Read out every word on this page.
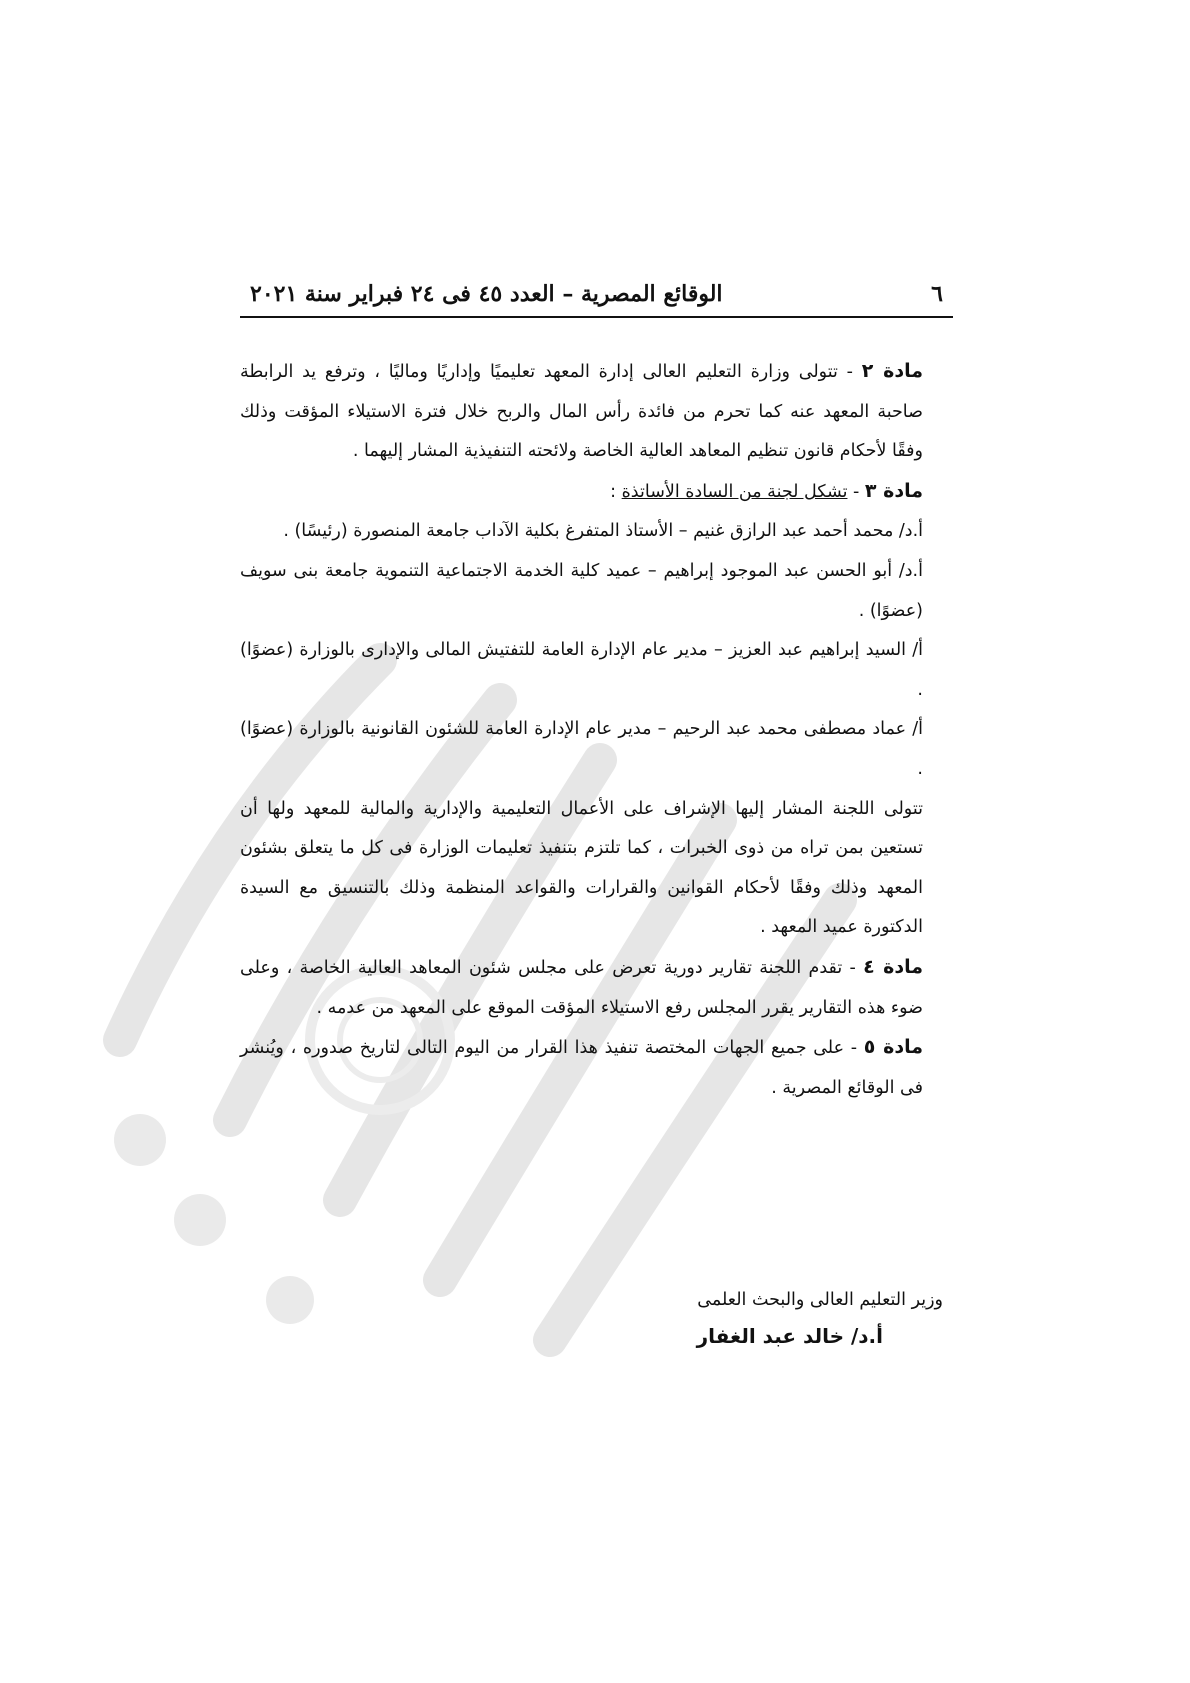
٦
الوقائع المصرية – العدد ٤٥ فى ٢٤ فبراير سنة ٢٠٢١

مادة ٢ - تتولى وزارة التعليم العالى إدارة المعهد تعليميًا وإداريًا وماليًا ، وترفع يد الرابطة صاحبة المعهد عنه كما تحرم من فائدة رأس المال والربح خلال فترة الاستيلاء المؤقت وذلك وفقًا لأحكام قانون تنظيم المعاهد العالية الخاصة ولائحته التنفيذية المشار إليهما .

مادة ٣ - تشكل لجنة من السادة الأساتذة :

أ.د/ محمد أحمد عبد الرازق غنيم – الأستاذ المتفرغ بكلية الآداب جامعة المنصورة (رئيسًا) .

أ.د/ أبو الحسن عبد الموجود إبراهيم – عميد كلية الخدمة الاجتماعية التنموية جامعة بنى سويف (عضوًا) .

أ/ السيد إبراهيم عبد العزيز – مدير عام الإدارة العامة للتفتيش المالى والإدارى بالوزارة (عضوًا) .

أ/ عماد مصطفى محمد عبد الرحيم – مدير عام الإدارة العامة للشئون القانونية بالوزارة (عضوًا) .

تتولى اللجنة المشار إليها الإشراف على الأعمال التعليمية والإدارية والمالية للمعهد ولها أن تستعين بمن تراه من ذوى الخبرات ، كما تلتزم بتنفيذ تعليمات الوزارة فى كل ما يتعلق بشئون المعهد وذلك وفقًا لأحكام القوانين والقرارات والقواعد المنظمة وذلك بالتنسيق مع السيدة الدكتورة عميد المعهد .

مادة ٤ - تقدم اللجنة تقارير دورية تعرض على مجلس شئون المعاهد العالية الخاصة ، وعلى ضوء هذه التقارير يقرر المجلس رفع الاستيلاء المؤقت الموقع على المعهد من عدمه .

مادة ٥ - على جميع الجهات المختصة تنفيذ هذا القرار من اليوم التالى لتاريخ صدوره ، ويُنشر فى الوقائع المصرية .

وزير التعليم العالى والبحث العلمى
أ.د/ خالد عبد الغفار
